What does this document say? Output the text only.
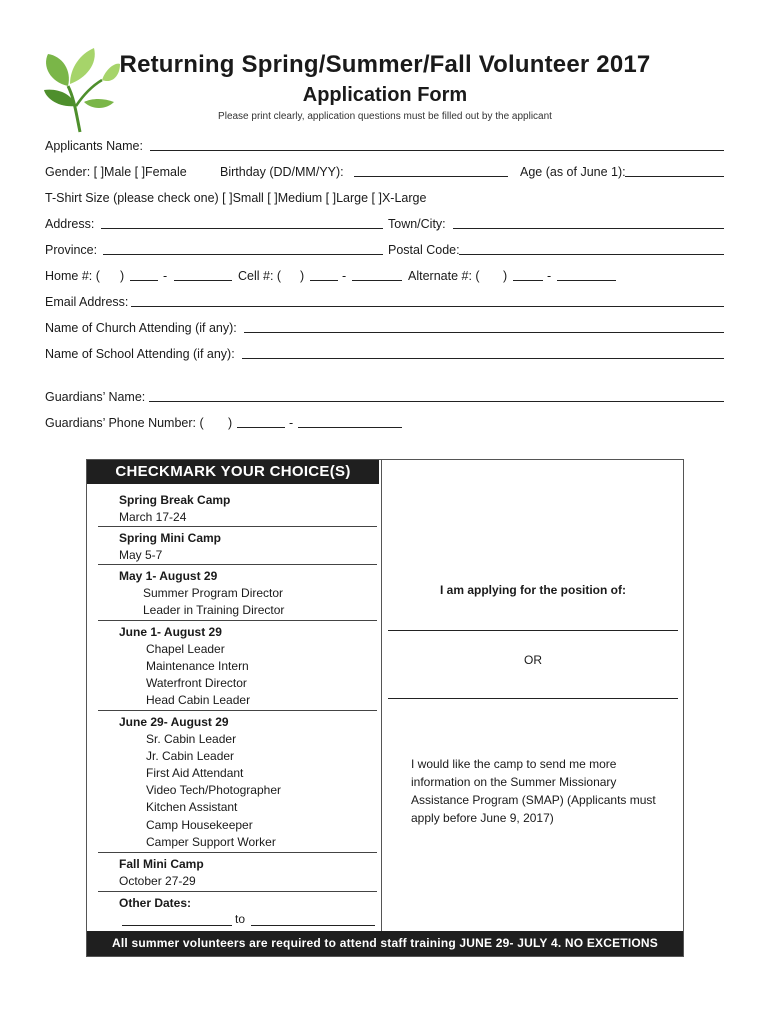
Returning Spring/Summer/Fall Volunteer 2017
Application Form
Please print clearly, application questions must be filled out by the applicant
Applicants Name:
Gender: [ ]Male [ ]Female	Birthday (DD/MM/YY):	Age (as of June 1):
T-Shirt Size (please check one) [ ]Small [ ]Medium [ ]Large [ ]X-Large
Address:	Town/City:
Province:	Postal Code:
Home #: ( )	-	Cell #: ( )	-	Alternate #: ( )	-
Email Address:
Name of Church Attending (if any):
Name of School Attending (if any):
Guardians’ Name:
Guardians’ Phone Number: ( )	-
CHECKMARK YOUR CHOICE(S)
Spring Break Camp
March 17-24
Spring Mini Camp
May 5-7
May 1- August 29
Summer Program Director
Leader in Training Director
June 1- August 29
Chapel Leader
Maintenance Intern
Waterfront Director
Head Cabin Leader
June 29- August 29
Sr. Cabin Leader
Jr. Cabin Leader
First Aid Attendant
Video Tech/Photographer
Kitchen Assistant
Camp Housekeeper
Camper Support Worker
Fall Mini Camp
October 27-29
Other Dates:
to
I am applying for the position of:
OR
I would like the camp to send me more
information on the Summer Missionary
Assistance Program (SMAP) (Applicants must
apply before June 9, 2017)
All summer volunteers are required to attend staff training JUNE 29- JULY 4. NO EXCETIONS
